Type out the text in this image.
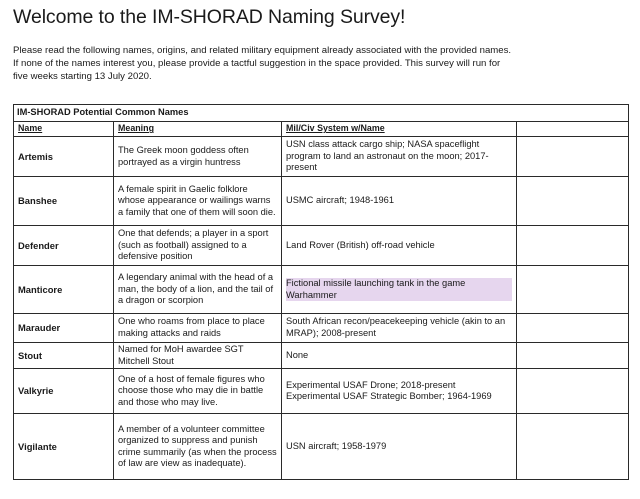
Welcome to the IM-SHORAD Naming Survey!

Please read the following names, origins, and related military equipment already associated with the provided names. If none of the names interest you, please provide a tactful suggestion in the space provided. This survey will run for five weeks starting 13 July 2020.

IM-SHORAD Potential Common Names			
Name	Meaning	Mil/Civ System w/Name	
Artemis	The Greek moon goddess often portrayed as a virgin huntress	USN class attack cargo ship; NASA spaceflight program to land an astronaut on the moon; 2017-present	

Banshee	A female spirit in Gaelic folklore whose appearance or wailings warns a family that one of them will soon die.	USMC aircraft; 1948-1961	

Defender	One that defends; a player in a sport (such as football) assigned to a defensive position	Land Rover (British) off-road vehicle	

Manticore	A legendary animal with the head of a man, the body of a lion, and the tail of a dragon or scorpion	Fictional missile launching tank in the game Warhammer	

Marauder	One who roams from place to place making attacks and raids	South African recon/peacekeeping vehicle (akin to an MRAP); 2008-present	

Stout	Named for MoH awardee SGT Mitchell Stout	None	

Valkyrie	One of a host of female figures who choose those who may die in battle and those who may live.	Experimental USAF Drone; 2018-present
Experimental USAF Strategic Bomber; 1964-1969	

Vigilante	A member of a volunteer committee organized to suppress and punish crime summarily (as when the process of law are view as inadequate).	USN aircraft; 1958-1979	
